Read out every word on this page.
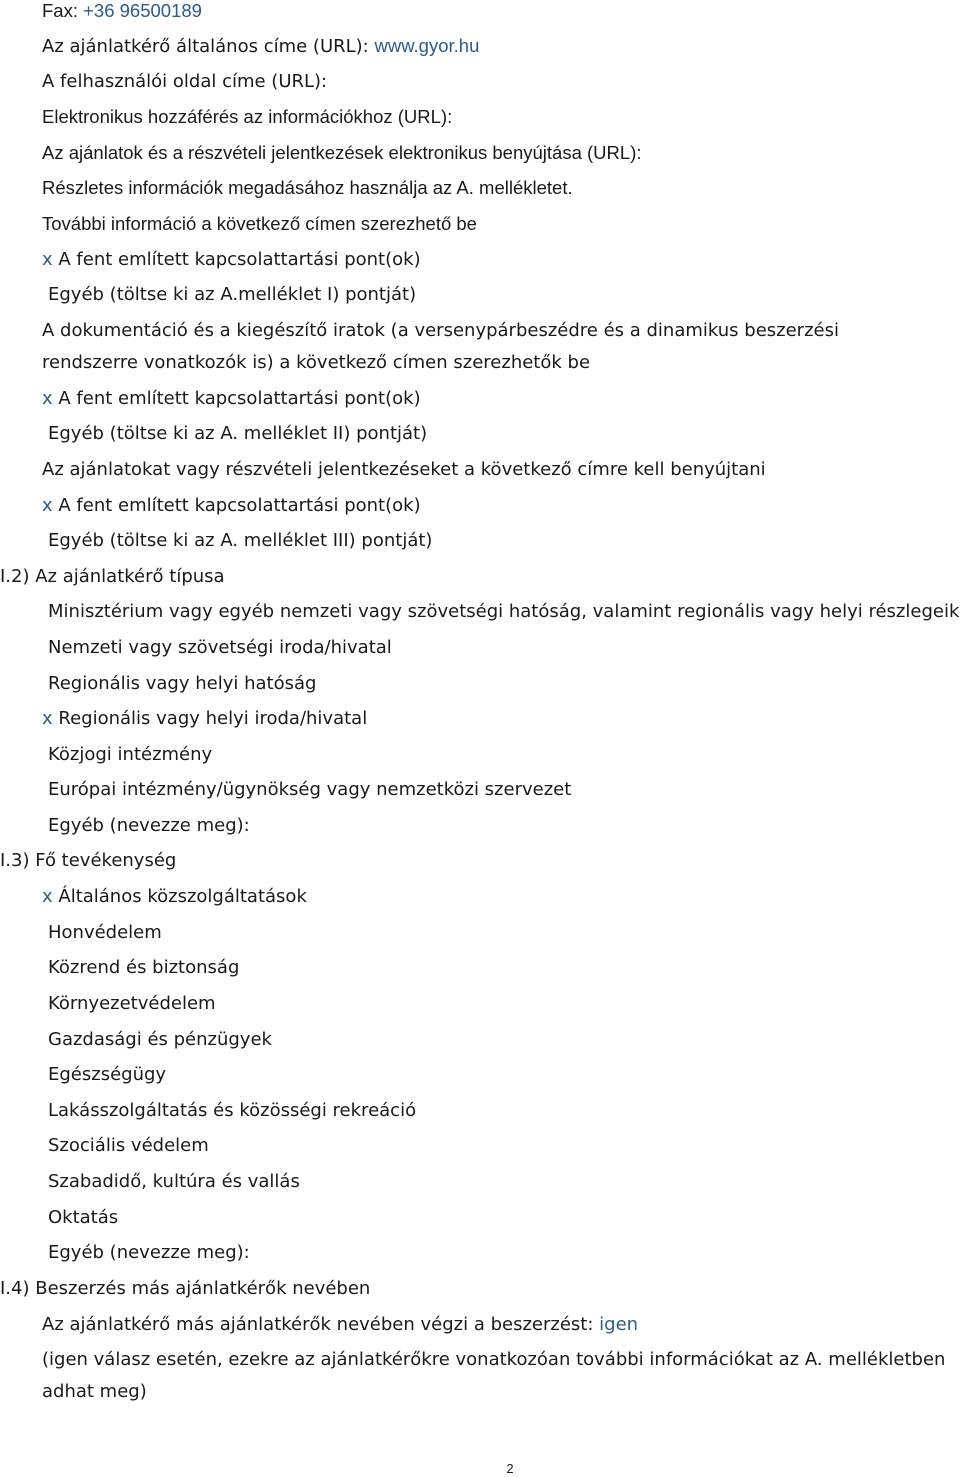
Fax: +36 96500189
Az ajánlatkérő általános címe (URL): www.gyor.hu
A felhasználói oldal címe (URL):
Elektronikus hozzáférés az információkhoz (URL):
Az ajánlatok és a részvételi jelentkezések elektronikus benyújtása (URL):
Részletes információk megadásához használja az A. mellékletet.
További információ a következő címen szerezhető be
x A fent említett kapcsolattartási pont(ok)
Egyéb (töltse ki az A.melléklet I) pontját)
A dokumentáció és a kiegészítő iratok (a versenypárbeszédre és a dinamikus beszerzési
rendszerre vonatkozók is) a következő címen szerezhetők be
x A fent említett kapcsolattartási pont(ok)
Egyéb (töltse ki az A. melléklet II) pontját)
Az ajánlatokat vagy részvételi jelentkezéseket a következő címre kell benyújtani
x A fent említett kapcsolattartási pont(ok)
Egyéb (töltse ki az A. melléklet III) pontját)
I.2) Az ajánlatkérő típusa
Minisztérium vagy egyéb nemzeti vagy szövetségi hatóság, valamint regionális vagy helyi részlegeik
Nemzeti vagy szövetségi iroda/hivatal
Regionális vagy helyi hatóság
x Regionális vagy helyi iroda/hivatal
Közjogi intézmény
Európai intézmény/ügynökség vagy nemzetközi szervezet
Egyéb (nevezze meg):
I.3) Fő tevékenység
x Általános közszolgáltatások
Honvédelem
Közrend és biztonság
Környezetvédelem
Gazdasági és pénzügyek
Egészségügy
Lakásszolgáltatás és közösségi rekreáció
Szociális védelem
Szabadidő, kultúra és vallás
Oktatás
Egyéb (nevezze meg):
I.4) Beszerzés más ajánlatkérők nevében
Az ajánlatkérő más ajánlatkérők nevében végzi a beszerzést: igen
(igen válasz esetén, ezekre az ajánlatkérőkre vonatkozóan további információkat az A. mellékletben
adhat meg)
2
